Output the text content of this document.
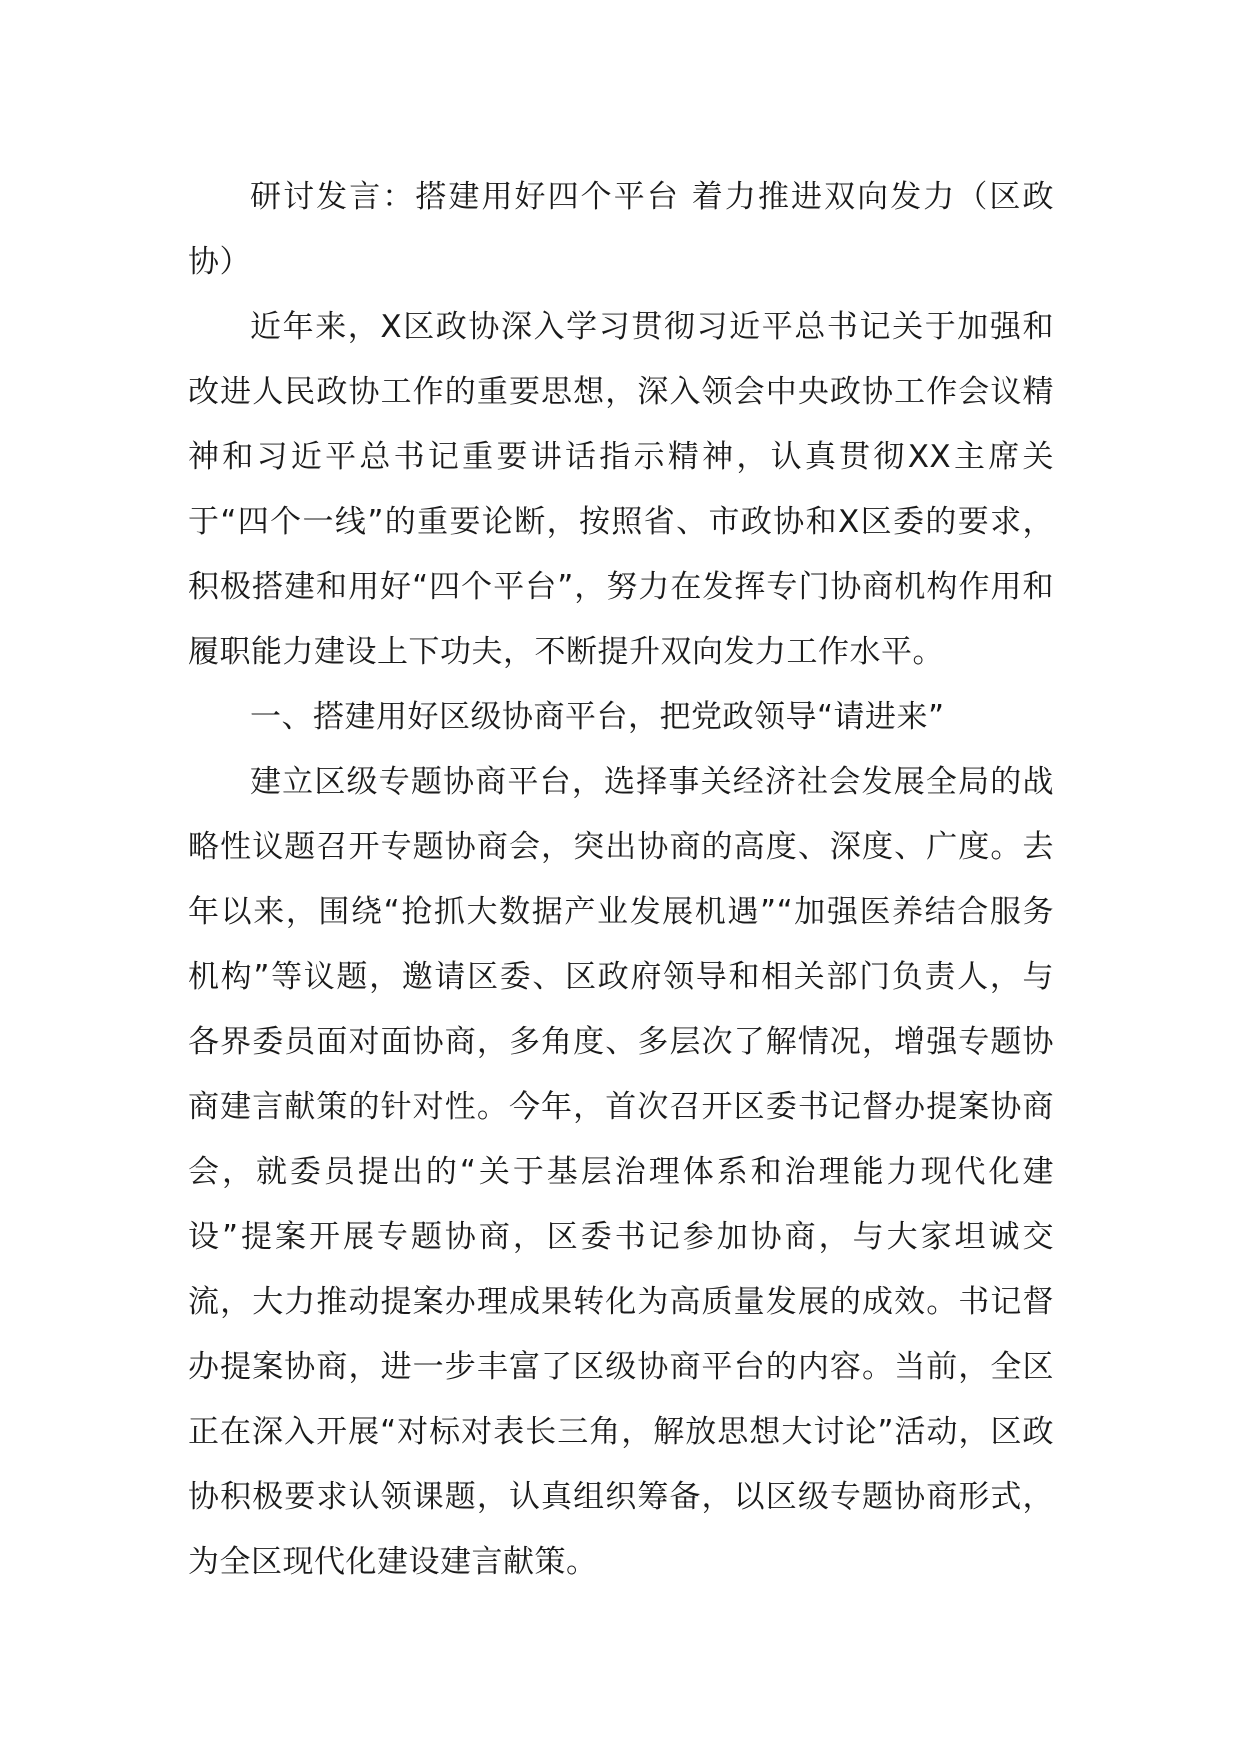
研讨发言：搭建用好四个平台 着力推进双向发力（区政协）

近年来，X区政协深入学习贯彻习近平总书记关于加强和改进人民政协工作的重要思想，深入领会中央政协工作会议精神和习近平总书记重要讲话指示精神，认真贯彻XX主席关于“四个一线”的重要论断，按照省、市政协和X区委的要求，积极搭建和用好“四个平台”，努力在发挥专门协商机构作用和履职能力建设上下功夫，不断提升双向发力工作水平。

一、搭建用好区级协商平台，把党政领导“请进来”

建立区级专题协商平台，选择事关经济社会发展全局的战略性议题召开专题协商会，突出协商的高度、深度、广度。去年以来，围绕“抢抓大数据产业发展机遇”“加强医养结合服务机构”等议题，邀请区委、区政府领导和相关部门负责人，与各界委员面对面协商，多角度、多层次了解情况，增强专题协商建言献策的针对性。今年，首次召开区委书记督办提案协商会，就委员提出的“关于基层治理体系和治理能力现代化建设”提案开展专题协商，区委书记参加协商，与大家坦诚交流，大力推动提案办理成果转化为高质量发展的成效。书记督办提案协商，进一步丰富了区级协商平台的内容。当前，全区正在深入开展“对标对表长三角，解放思想大讨论”活动，区政协积极要求认领课题，认真组织筹备，以区级专题协商形式，为全区现代化建设建言献策。
